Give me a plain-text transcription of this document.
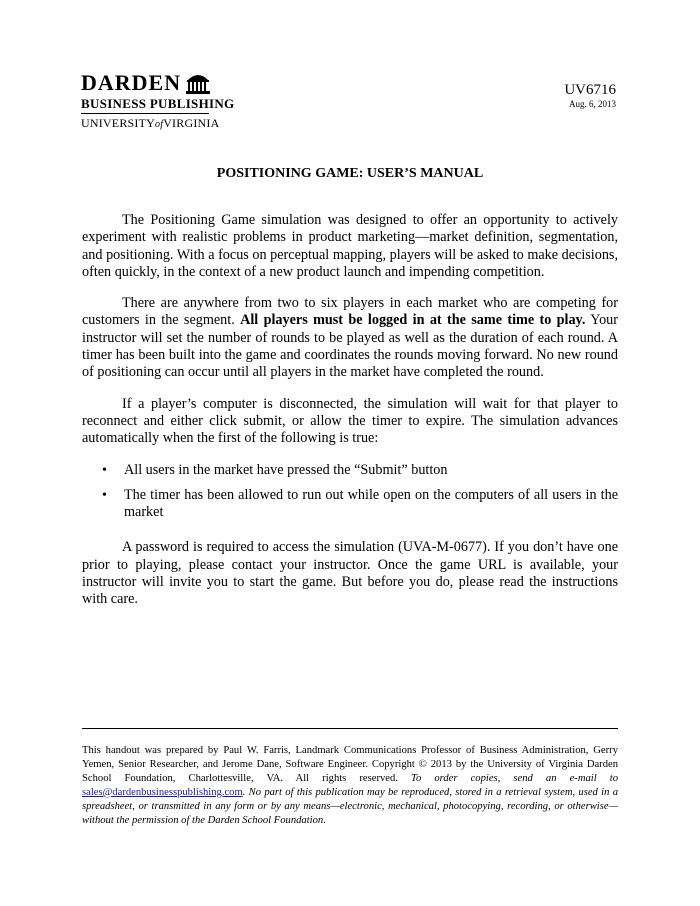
DARDEN
BUSINESS PUBLISHING
UNIVERSITYofVIRGINIA
UV6716
Aug. 6, 2013
POSITIONING GAME: USER’S MANUAL

The Positioning Game simulation was designed to offer an opportunity to actively experiment with realistic problems in product marketing—market definition, segmentation, and positioning. With a focus on perceptual mapping, players will be asked to make decisions, often quickly, in the context of a new product launch and impending competition.

There are anywhere from two to six players in each market who are competing for customers in the segment. All players must be logged in at the same time to play. Your instructor will set the number of rounds to be played as well as the duration of each round. A timer has been built into the game and coordinates the rounds moving forward. No new round of positioning can occur until all players in the market have completed the round.

If a player’s computer is disconnected, the simulation will wait for that player to reconnect and either click submit, or allow the timer to expire. The simulation advances automatically when the first of the following is true:

• All users in the market have pressed the “Submit” button
• The timer has been allowed to run out while open on the computers of all users in the market

A password is required to access the simulation (UVA-M-0677). If you don’t have one prior to playing, please contact your instructor. Once the game URL is available, your instructor will invite you to start the game. But before you do, please read the instructions with care.

This handout was prepared by Paul W. Farris, Landmark Communications Professor of Business Administration, Gerry Yemen, Senior Researcher, and Jerome Dane, Software Engineer. Copyright © 2013 by the University of Virginia Darden School Foundation, Charlottesville, VA. All rights reserved. To order copies, send an e-mail to sales@dardenbusinesspublishing.com. No part of this publication may be reproduced, stored in a retrieval system, used in a spreadsheet, or transmitted in any form or by any means—electronic, mechanical, photocopying, recording, or otherwise—without the permission of the Darden School Foundation.
